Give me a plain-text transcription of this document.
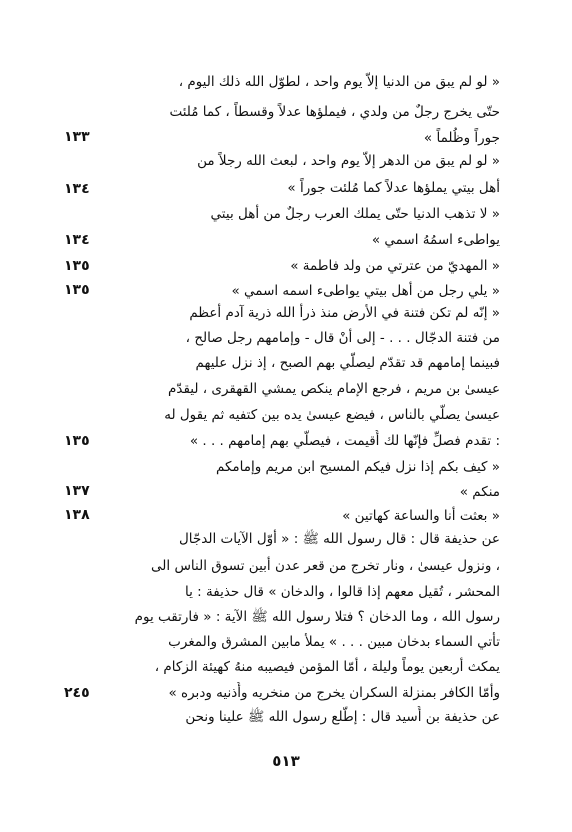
« لو لم يبق من الدنيا إلاّ يوم واحد ، لطوّل الله ذلك اليوم ،
حتّى يخرج رجلٌ من ولدي ، فيملؤها عدلاً وقسطاً ، كما مُلئت
جوراً وظُلماً »
« لو لم يبق من الدهر إلاّ يوم واحد ، لبعث الله رجلاً من
أهل بيتي يملؤها عدلاً كما مُلئت جوراً »
« لا تذهب الدنيا حتّى يملك العرب رجلٌ من أهل بيتي
يواطىء اسمُهُ اسمي »
« المهديّ من عترتي من ولد فاطمة »
« يلي رجل من أهل بيتي يواطىء اسمه اسمي »
« إنّه لم تكن فتنة في الأرض منذ ذرأ الله ذرية آدم أعظم
من فتنة الدجّال . . . - إلى أنْ قال - وإمامهم رجل صالح ،
فبينما إمامهم قد تقدّم ليصلّي بهم الصبح ، إذ نزل عليهم
عيسىٰ بن مريم ، فرجع الإمام ينكص يمشي القهقرى ، ليقدّم
عيسىٰ يصلّي بالناس ، فيضع عيسىٰ يده بين كتفيه ثم يقول له
: تقدم فصلِّ فإنّها لك أُقيمت ، فيصلّي بهم إمامهم . . . »
« كيف بكم إذا نزل فيكم المسيح ابن مريم وإمامكم
منكم »
« بعثت أنا والساعة كهاتين »
عن حذيفة قال : قال رسول الله ﷺ : « أوّل الآيات الدجّال
، ونزول عيسىٰ ، ونار تخرج من قعر عدن أبين تسوق الناس الى
المحشر ، تُقيل معهم إذا قالوا ، والدخان » قال حذيفة : يا
رسول الله ، وما الدخان ؟ فتلا رسول الله ﷺ الآية : « فارتقب يوم
تأتي السماء بدخان مبين . . . » يملأ مابين المشرق والمغرب
يمكث أربعين يوماً وليلة ، أمّا المؤمن فيصيبه منهُ كهيئة الزكام ،
وأمّا الكافر بمنزلة السكران يخرج من منخريه وأُذنيه ودبره »
عن حذيفة بن أُسيد قال : إطّلع رسول الله ﷺ علينا ونحن
١٣٣
١٣٤
١٣٤
١٣٥
١٣٥
١٣٥
١٣٧
١٣٨
٢٤٥
٥١٣
